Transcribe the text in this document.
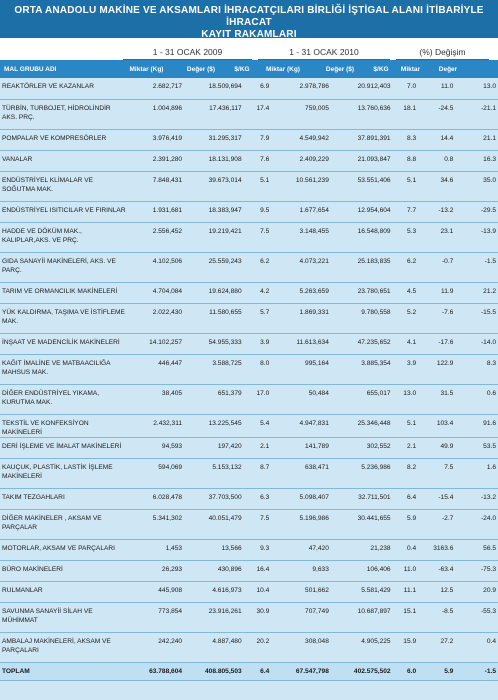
ORTA ANADOLU MAKİNE VE AKSAMLARI İHRACATÇILARI BİRLİĞİ İŞTİGAL ALANI İTİBARİYLE İHRACAT
KAYIT RAKAMLARI
1 - 31 OCAK 2009	1 - 31 OCAK 2010	(%) Değişim
MAL GRUBU ADI	Miktar (Kg)	Değer ($)	$/KG	Miktar (Kg)	Değer ($)	$/KG	Miktar	Değer
REAKTÖRLER VE KAZANLAR	2.682,717	18.509,694	6.9	2.978,786	20.912,403	7.0	11.0	13.0
TÜRBİN, TURBOJET, HİDROLİNDİR AKS. PRÇ.	1.004,896	17.436,117	17.4	759,005	13.760,636	18.1	-24.5	-21.1
POMPALAR VE KOMPRESÖRLER	3.976,419	31.295,317	7.9	4.549,942	37.891,391	8.3	14.4	21.1
VANALAR	2.391,280	18.131,908	7.6	2.409,229	21.093,847	8.8	0.8	16.3
ENDÜSTRİYEL KLİMALAR VE SOĞUTMA MAK.	7.848,431	39.673,014	5.1	10.561,239	53.551,406	5.1	34.6	35.0
ENDÜSTRİYEL ISITICILAR VE FIRINLAR	1.931,681	18.383,947	9.5	1.677,654	12.954,604	7.7	-13.2	-29.5
HADDE VE DÖKÜM MAK., KALIPLAR,AKS. VE PRÇ.	2.556,452	19.219,421	7.5	3.148,455	16.548,809	5.3	23.1	-13.9
GIDA SANAYİİ MAKİNELERİ, AKS. VE PARÇ.	4.102,506	25.559,243	6.2	4.073,221	25.183,835	6.2	-0.7	-1.5
TARIM VE ORMANCILIK MAKİNELERİ	4.704,084	19.624,880	4.2	5.263,659	23.780,651	4.5	11.9	21.2
YÜK KALDIRMA, TAŞIMA VE İSTİFLEME MAK.	2.022,430	11.580,655	5.7	1.869,331	9.780,558	5.2	-7.6	-15.5
İNŞAAT VE MADENCİLİK MAKİNELERİ	14.102,257	54.955,333	3.9	11.613,634	47.235,652	4.1	-17.6	-14.0
KAĞIT İMALİNE VE MATBAACILIĞA MAHSUS MAK.	446,447	3.588,725	8.0	995,164	3.885,354	3.9	122.9	8.3
DİĞER ENDÜSTRİYEL YIKAMA, KURUTMA MAK.	38,405	651,379	17.0	50,484	655,017	13.0	31.5	0.6
TEKSTİL VE KONFEKSİYON MAKİNELERİ	2.432,311	13.225,545	5.4	4.947,831	25.346,448	5.1	103.4	91.6
DERİ İŞLEME VE İMALAT MAKİNELERİ	94,593	197,420	2.1	141,789	302,552	2.1	49.9	53.5
KAUÇUK, PLASTİK, LASTİK İŞLEME MAKİNELERİ	594,069	5.153,132	8.7	638,471	5.236,986	8.2	7.5	1.6
TAKIM TEZGAHLARI	6.028,478	37.703,500	6.3	5.098,407	32.711,501	6.4	-15.4	-13.2
DİĞER MAKİNELER , AKSAM VE PARÇALAR	5.341,302	40.051,479	7.5	5.196,986	30.441,655	5.9	-2.7	-24.0
MOTORLAR, AKSAM VE PARÇALARI	1,453	13,566	9.3	47,420	21,238	0.4	3163.6	56.5
BÜRO MAKİNELERİ	26,293	430,896	16.4	9,633	106,406	11.0	-63.4	-75.3
RULMANLAR	445,908	4.616,973	10.4	501,662	5.581,429	11.1	12.5	20.9
SAVUNMA SANAYİİ SİLAH VE MÜHİMMAT	773,854	23.916,261	30.9	707,749	10.687,897	15.1	-8.5	-55.3
AMBALAJ MAKİNELERİ, AKSAM VE PARÇALARI	242,240	4.887,480	20.2	308,048	4.905,225	15.9	27.2	0.4
TOPLAM	63.788,604	408.805,503	6.4	67.547,798	402.575,502	6.0	5.9	-1.5
